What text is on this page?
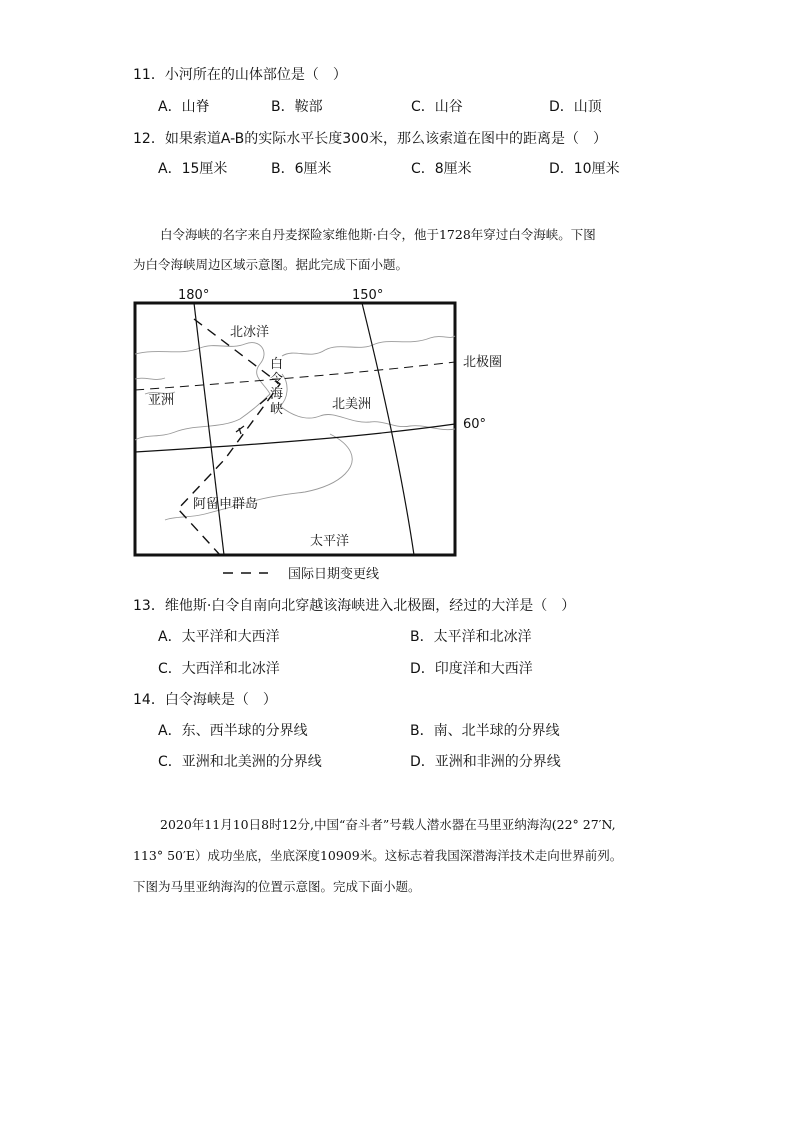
11．小河所在的山体部位是（　）
A．山脊	B．鞍部	C．山谷	D．山顶
12．如果索道A-B的实际水平长度300米，那么该索道在图中的距离是（　）
A．15厘米	B．6厘米	C．8厘米	D．10厘米
白令海峡的名字来自丹麦探险家维他斯·白令，他于1728年穿过白令海峡。下图
为白令海峡周边区域示意图。据此完成下面小题。
180°	150°
60°
北极圈
北冰洋
白
令
海
峡
亚洲	北美洲
阿留申群岛
太平洋
国际日期变更线
13．维他斯·白令自南向北穿越该海峡进入北极圈，经过的大洋是（　）
A．太平洋和大西洋	B．太平洋和北冰洋
C．大西洋和北冰洋	D．印度洋和大西洋
14．白令海峡是（　）
A．东、西半球的分界线	B．南、北半球的分界线
C．亚洲和北美洲的分界线	D．亚洲和非洲的分界线
2020年11月10日8时12分,中国“奋斗者”号载人潜水器在马里亚纳海沟(22° 27′N,
113° 50′E）成功坐底，坐底深度10909米。这标志着我国深潜海洋技术走向世界前列。
下图为马里亚纳海沟的位置示意图。完成下面小题。
